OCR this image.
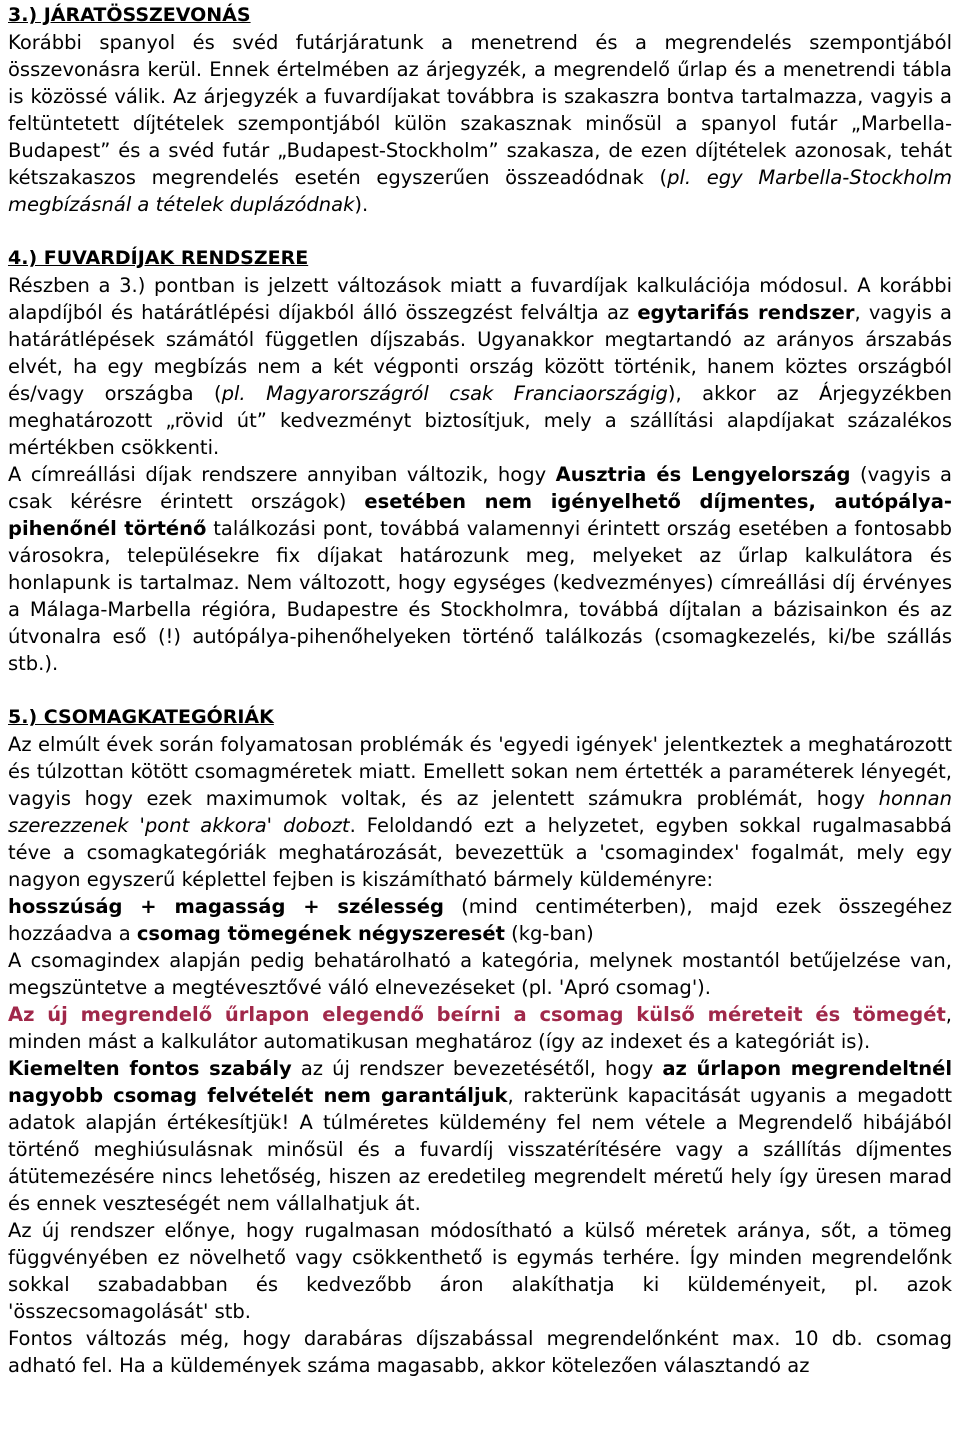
3.) JÁRATÖSSZEVONÁS

Korábbi spanyol és svéd futárjáratunk a menetrend és a megrendelés szempontjából összevonásra kerül. Ennek értelmében az árjegyzék, a megrendelő űrlap és a menetrendi tábla is közössé válik. Az árjegyzék a fuvardíjakat továbbra is szakaszra bontva tartalmazza, vagyis a feltüntetett díjtételek szempontjából külön szakasznak minősül a spanyol futár „Marbella-Budapest” és a svéd futár „Budapest-Stockholm” szakasza, de ezen díjtételek azonosak, tehát kétszakaszos megrendelés esetén egyszerűen összeadódnak (pl. egy Marbella-Stockholm megbízásnál a tételek duplázódnak).

4.) FUVARDÍJAK RENDSZERE

Részben a 3.) pontban is jelzett változások miatt a fuvardíjak kalkulációja módosul. A korábbi alapdíjból és határátlépési díjakból álló összegzést felváltja az egytarifás rendszer, vagyis a határátlépések számától független díjszabás. Ugyanakkor megtartandó az arányos árszabás elvét, ha egy megbízás nem a két végponti ország között történik, hanem köztes országból és/vagy országba (pl. Magyarországról csak Franciaországig), akkor az Árjegyzékben meghatározott „rövid út” kedvezményt biztosítjuk, mely a szállítási alapdíjakat százalékos mértékben csökkenti.

A címreállási díjak rendszere annyiban változik, hogy Ausztria és Lengyelország (vagyis a csak kérésre érintett országok) esetében nem igényelhető díjmentes, autópálya-pihenőnél történő találkozási pont, továbbá valamennyi érintett ország esetében a fontosabb városokra, településekre fix díjakat határozunk meg, melyeket az űrlap kalkulátora és honlapunk is tartalmaz. Nem változott, hogy egységes (kedvezményes) címreállási díj érvényes a Málaga-Marbella régióra, Budapestre és Stockholmra, továbbá díjtalan a bázisainkon és az útvonalra eső (!) autópálya-pihenőhelyeken történő találkozás (csomagkezelés, ki/be szállás stb.).

5.) CSOMAGKATEGÓRIÁK

Az elmúlt évek során folyamatosan problémák és 'egyedi igények' jelentkeztek a meghatározott és túlzottan kötött csomagméretek miatt. Emellett sokan nem értették a paraméterek lényegét, vagyis hogy ezek maximumok voltak, és az jelentett számukra problémát, hogy honnan szerezzenek 'pont akkora' dobozt. Feloldandó ezt a helyzetet, egyben sokkal rugalmasabbá téve a csomagkategóriák meghatározását, bevezettük a 'csomagindex' fogalmát, mely egy nagyon egyszerű képlettel fejben is kiszámítható bármely küldeményre:

hosszúság + magasság + szélesség (mind centiméterben), majd ezek összegéhez hozzáadva a csomag tömegének négyszeresét (kg-ban)

A csomagindex alapján pedig behatárolható a kategória, melynek mostantól betűjelzése van, megszüntetve a megtévesztővé váló elnevezéseket (pl. 'Apró csomag').

Az új megrendelő űrlapon elegendő beírni a csomag külső méreteit és tömegét, minden mást a kalkulátor automatikusan meghatároz (így az indexet és a kategóriát is).

Kiemelten fontos szabály az új rendszer bevezetésétől, hogy az űrlapon megrendeltnél nagyobb csomag felvételét nem garantáljuk, rakterünk kapacitását ugyanis a megadott adatok alapján értékesítjük! A túlméretes küldemény fel nem vétele a Megrendelő hibájából történő meghiúsulásnak minősül és a fuvardíj visszatérítésére vagy a szállítás díjmentes átütemezésére nincs lehetőség, hiszen az eredetileg megrendelt méretű hely így üresen marad és ennek veszteségét nem vállalhatjuk át.

Az új rendszer előnye, hogy rugalmasan módosítható a külső méretek aránya, sőt, a tömeg függvényében ez növelhető vagy csökkenthető is egymás terhére. Így minden megrendelőnk sokkal szabadabban és kedvezőbb áron alakíthatja ki küldeményeit, pl. azok 'összecsomagolását' stb.

Fontos változás még, hogy darabáras díjszabással megrendelőnként max. 10 db. csomag adható fel. Ha a küldemények száma magasabb, akkor kötelezően választandó az
